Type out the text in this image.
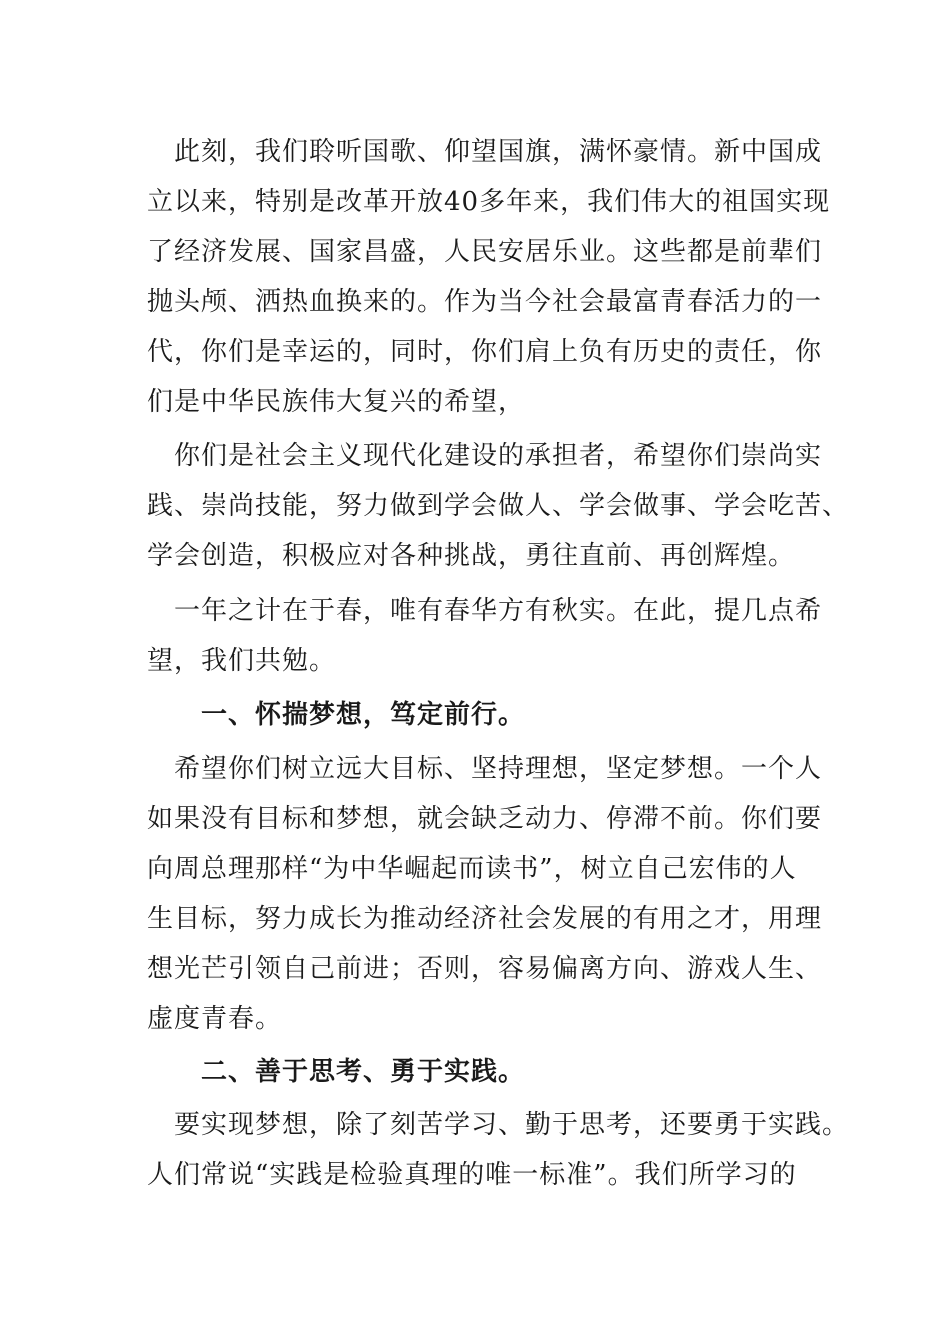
　此刻，我们聆听国歌、仰望国旗，满怀豪情。新中国成
立以来，特别是改革开放40多年来，我们伟大的祖国实现
了经济发展、国家昌盛，人民安居乐业。这些都是前辈们
抛头颅、洒热血换来的。作为当今社会最富青春活力的一
代，你们是幸运的，同时，你们肩上负有历史的责任，你
们是中华民族伟大复兴的希望，
　你们是社会主义现代化建设的承担者，希望你们崇尚实
践、崇尚技能，努力做到学会做人、学会做事、学会吃苦、
学会创造，积极应对各种挑战，勇往直前、再创辉煌。
　一年之计在于春，唯有春华方有秋实。在此，提几点希
望，我们共勉。
　　一、怀揣梦想，笃定前行。
　希望你们树立远大目标、坚持理想，坚定梦想。一个人
如果没有目标和梦想，就会缺乏动力、停滞不前。你们要
向周总理那样“为中华崛起而读书”，树立自己宏伟的人
生目标，努力成长为推动经济社会发展的有用之才，用理
想光芒引领自己前进；否则，容易偏离方向、游戏人生、
虚度青春。
　　二、善于思考、勇于实践。
　要实现梦想，除了刻苦学习、勤于思考，还要勇于实践。
人们常说“实践是检验真理的唯一标准”。我们所学习的
